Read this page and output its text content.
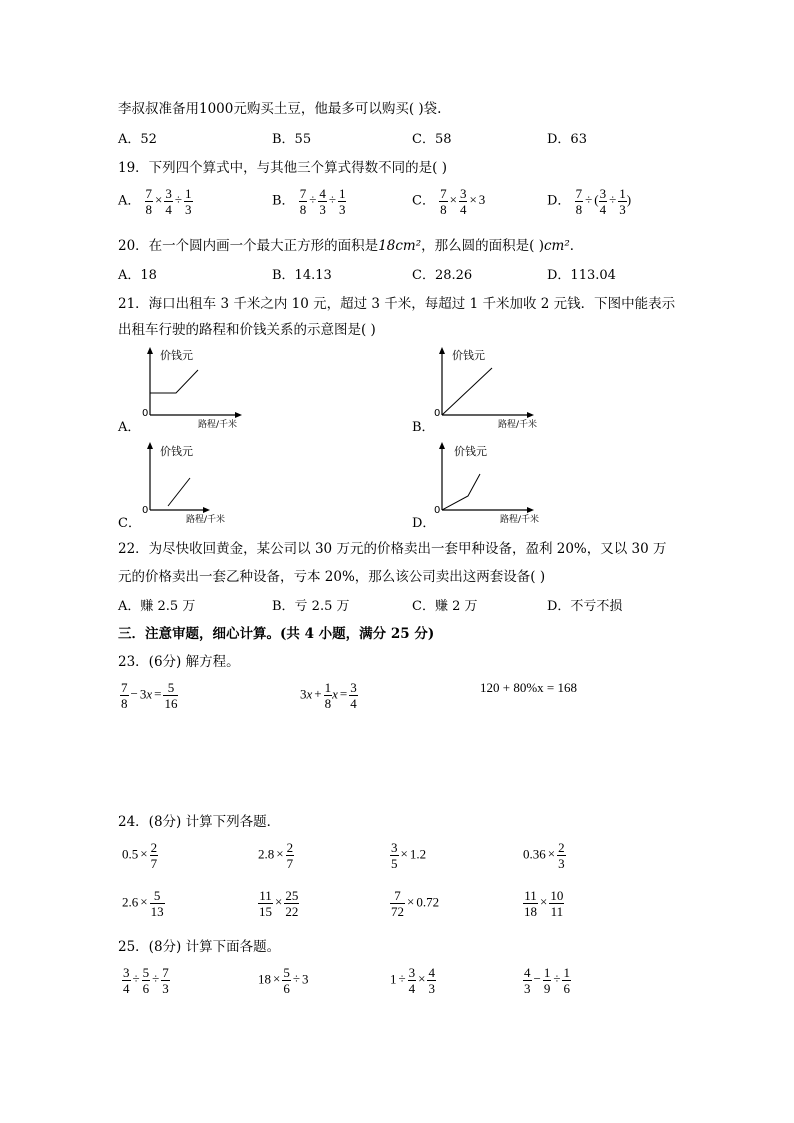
李叔叔准备用1000元购买土豆，他最多可以购买( )袋.
A．52	B．55	C．58	D．63
19．下列四个算式中，与其他三个算式得数不同的是( )
A． $\frac{7}{8} \times \frac{3}{4} \div \frac{1}{3}$	B． $\frac{7}{8} \div \frac{4}{3} \div \frac{1}{3}$	C． $\frac{7}{8} \times \frac{3}{4} \times 3$	D． $\frac{7}{8}$ ÷ ( $\frac{3}{4} \div \frac{1}{3}$ )
20．在一个圆内画一个最大正方形的面积是18cm²，那么圆的面积是( )cm²．
A．18	B．14.13	C．28.26	D．113.04
21．海口出租车 3 千米之内 10 元，超过 3 千米，每超过 1 千米加收 2 元钱．下图中能表示
出租车行驶的路程和价钱关系的示意图是( )
A．
价钱元
0
路程/千米	B．
价钱元
0
路程/千米
C．
价钱元
0
路程/千米	D．
价钱元
0
路程/千米
22．为尽快收回黄金，某公司以 30 万元的价格卖出一套甲种设备，盈利 20%，又以 30 万
元的价格卖出一套乙种设备，亏本 20%，那么该公司卖出这两套设备( )
A．赚 2.5 万	B．亏 2.5 万	C．赚 2 万	D．不亏不损
三．注意审题，细心计算。(共 4 小题，满分 25 分)
23．(6分) 解方程。
$\frac{7}{8} - 3x = \frac{5}{16}$	$3x + \frac{1}{8}$ $x = \frac{3}{4}$	120 + 80%x = 168
24．(8分) 计算下列各题．
$0.5 \times \frac{2}{7}$	$2.8 \times \frac{2}{7}$	$\frac{3}{5} \times 1.2$	$0.36 \times \frac{2}{3}$
$2.6 \times \frac{5}{13}$	$\frac{11}{15} \times \frac{25}{22}$	$\frac{7}{72} \times 0.72$	$\frac{11}{18} \times \frac{10}{11}$
25．(8分) 计算下面各题。
$\frac{3}{4} \div \frac{5}{6} \div \frac{7}{3}$	$18 \times \frac{5}{6} \div 3$	$1 \div \frac{3}{4} \times \frac{4}{3}$	$\frac{4}{3} - \frac{1}{9} \div \frac{1}{6}$
